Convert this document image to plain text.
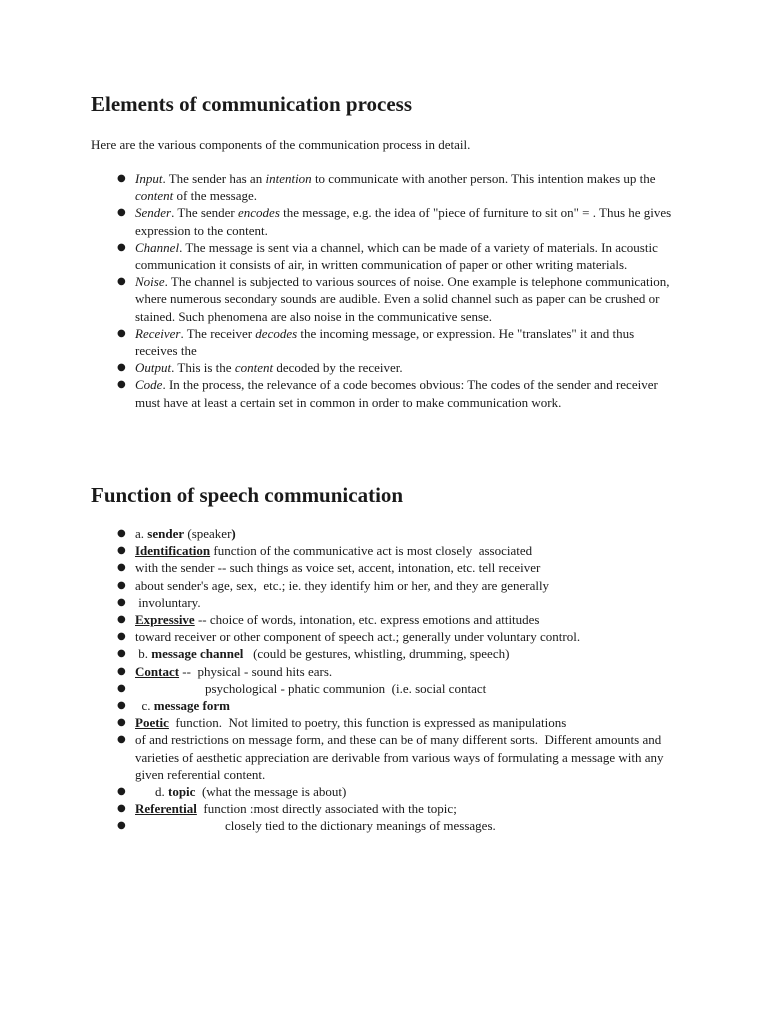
Elements of communication process

Here are the various components of the communication process in detail.

● Input. The sender has an intention to communicate with another person. This intention makes up the content of the message.
● Sender. The sender encodes the message, e.g. the idea of "piece of furniture to sit on" = . Thus he gives expression to the content.
● Channel. The message is sent via a channel, which can be made of a variety of materials. In acoustic communication it consists of air, in written communication of paper or other writing materials.
● Noise. The channel is subjected to various sources of noise. One example is telephone communication, where numerous secondary sounds are audible. Even a solid channel such as paper can be crushed or stained. Such phenomena are also noise in the communicative sense.
● Receiver. The receiver decodes the incoming message, or expression. He "translates" it and thus receives the
● Output. This is the content decoded by the receiver.
● Code. In the process, the relevance of a code becomes obvious: The codes of the sender and receiver must have at least a certain set in common in order to make communication work.
Function of speech communication
● a. sender (speaker)
● Identification function of the communicative act is most closely  associated
● with the sender -- such things as voice set, accent, intonation, etc. tell receiver
● about sender's age, sex,  etc.; ie. they identify him or her, and they are generally
● involuntary.
● Expressive -- choice of words, intonation, etc. express emotions and attitudes
● toward receiver or other component of speech act.; generally under voluntary control.
● b. message channel   (could be gestures, whistling, drumming, speech)
● Contact --  physical - sound hits ears.
●	psychological - phatic communion  (i.e. social contact
● c. message form
● Poetic  function.  Not limited to poetry, this function is expressed as manipulations
● of and restrictions on message form, and these can be of many different sorts.  Different amounts and varieties of aesthetic appreciation are derivable from various ways of formulating a message with any given referential content.
● d. topic  (what the message is about)
● Referential  function :most directly associated with the topic;
●	closely tied to the dictionary meanings of messages.
